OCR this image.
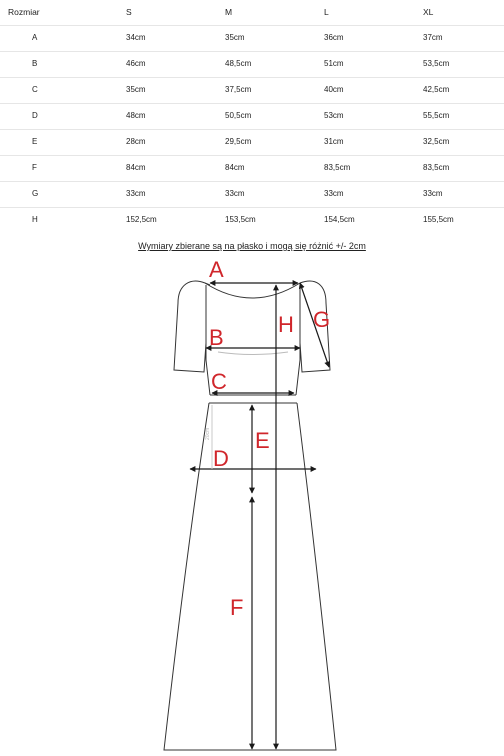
Rozmiar	S	M	L	XL
A	34cm	35cm	36cm	37cm
B	46cm	48,5cm	51cm	53,5cm
C	35cm	37,5cm	40cm	42,5cm
D	48cm	50,5cm	53cm	55,5cm
E	28cm	29,5cm	31cm	32,5cm
F	84cm	84cm	83,5cm	83,5cm
G	33cm	33cm	33cm	33cm
H	152,5cm	153,5cm	154,5cm	155,5cm
Wymiary zbierane są na płasko i mogą się różnić +/- 2cm
20cm
A
B
C
D
E
F
G
H
